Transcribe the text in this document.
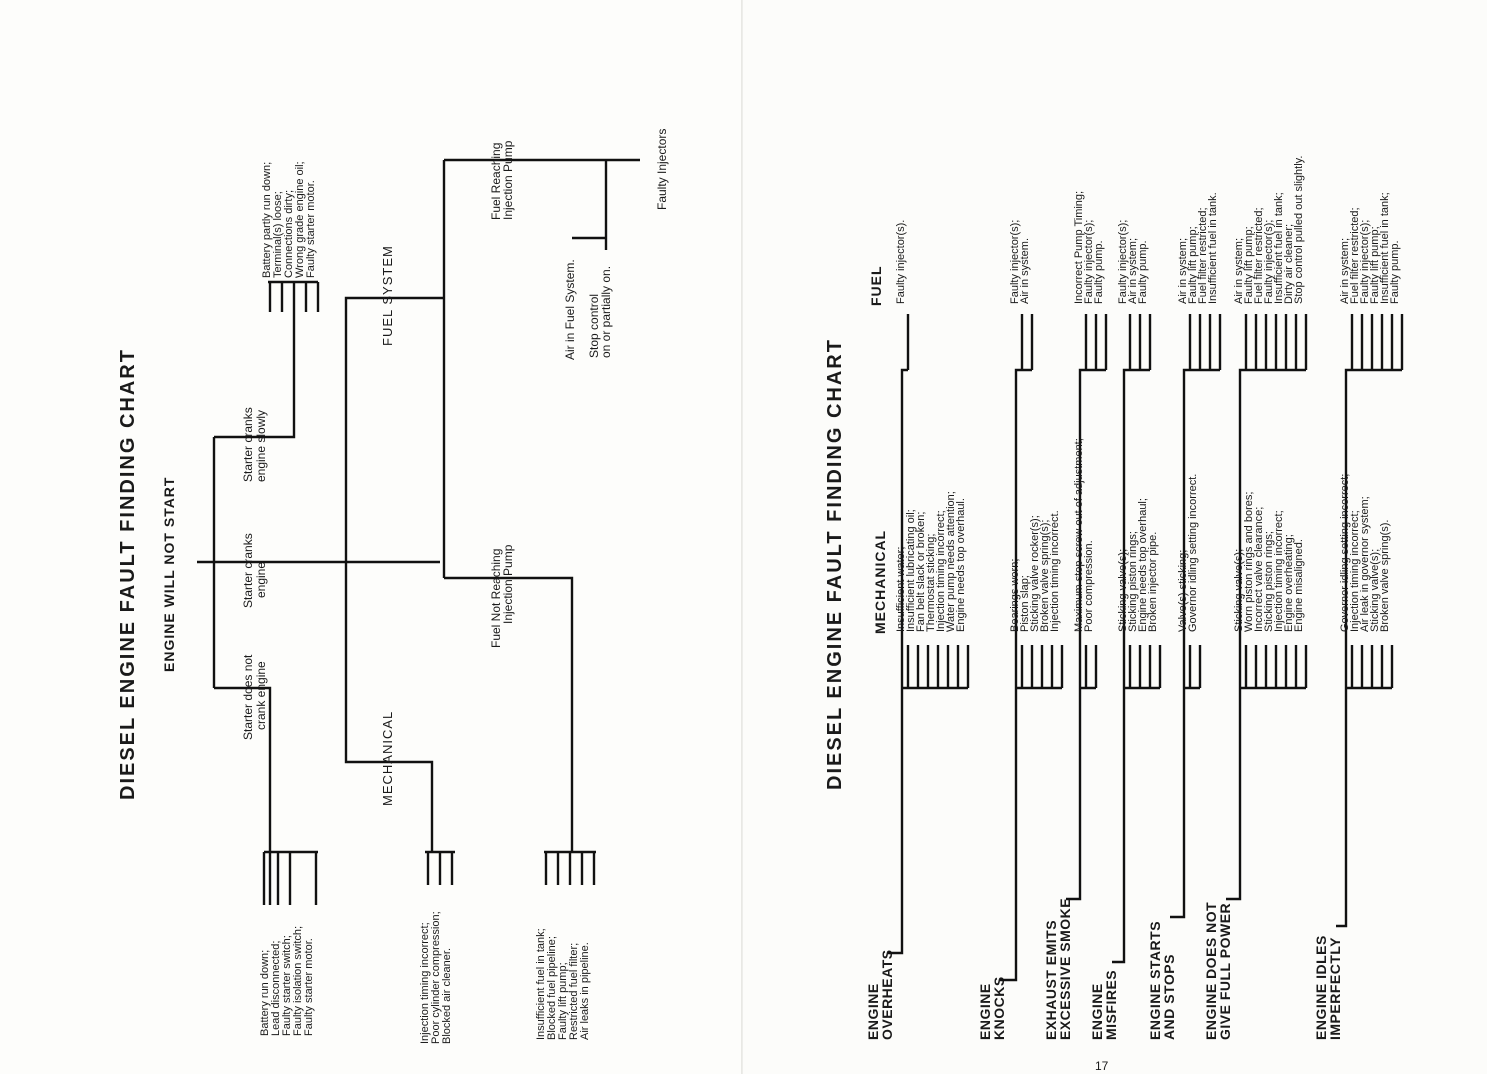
DIESEL ENGINE FAULT FINDING CHART ENGINE WILL NOT START
Starter does not crank engine
Starter cranks engine
Starter cranks engine slowly
MECHANICAL
FUEL SYSTEM
Fuel Not Reaching
Injection Pump
Fuel Reaching
Injection Pump
Air in Fuel System. Stop control
on or partially on.
Faulty Injectors
Battery run down; Lead disconnected; Faulty starter switch; Faulty isolation switch; Faulty starter motor.
Battery partly run down; Terminal(s) loose; Connections dirty; Wrong grade engine oil; Faulty starter motor.
Injection timing incorrect; Poor cylinder compression; Blocked air cleaner.	Insufficient fuel in tank; Blocked fuel pipeline; Faulty lift pump; Restricted fuel filter; Air leaks in pipeline.
DIESEL ENGINE FAULT FINDING CHART MECHANICAL
FUEL
ENGINE
OVERHEATS
Insufficient water;
Insufficient lubricating oil;
Fan belt slack or broken;
Thermostat sticking;
Injection timing incorrect;
Water pump needs attention;
Engine needs top overhaul.
Faulty injector(s).
ENGINE
KNOCKS
Bearings worn;
Piston slap;
Sticking valve rocker(s);
Broken valve spring(s);
Injection timing incorrect.
Faulty injector(s);
Air in system.
EXHAUST EMITS
EXCESSIVE SMOKE
Maximum stop screw out of adjustment;
Poor compression.
Incorrect Pump Timing;
Faulty injector(s);
Faulty pump.
ENGINE
MISFIRES
Sticking valve(s);
Sticking piston rings;
Engine needs top overhaul;
Broken injector pipe.
Faulty injector(s);
Air in system;
Faulty pump.
ENGINE STARTS
AND STOPS
Valve(s) sticking;
Governor idling setting incorrect.
Air in system;
Faulty lift pump;
Fuel filter restricted;
Insufficient fuel in tank.
ENGINE DOES NOT
GIVE FULL POWER
Sticking valve(s);
Worn piston rings and bores;
Incorrect valve clearance;
Sticking piston rings;
Injection timing incorrect;
Engine overheating;
Engine misaligned.
Air in system;
Faulty lift pump;
Fuel filter restricted;
Faulty injector(s);
Insufficient fuel in tank;
Dirty air cleaner;
Stop control pulled out slightly.
ENGINE IDLES
IMPERFECTLY
Governor idling setting incorrect;
Injection timing incorrect;
Air leak in governor system;
Sticking valve(s);
Broken valve spring(s).
Air in system;
Fuel filter restricted;
Faulty injector(s);
Faulty lift pump;
Insufficient fuel in tank;
Faulty pump.
17
